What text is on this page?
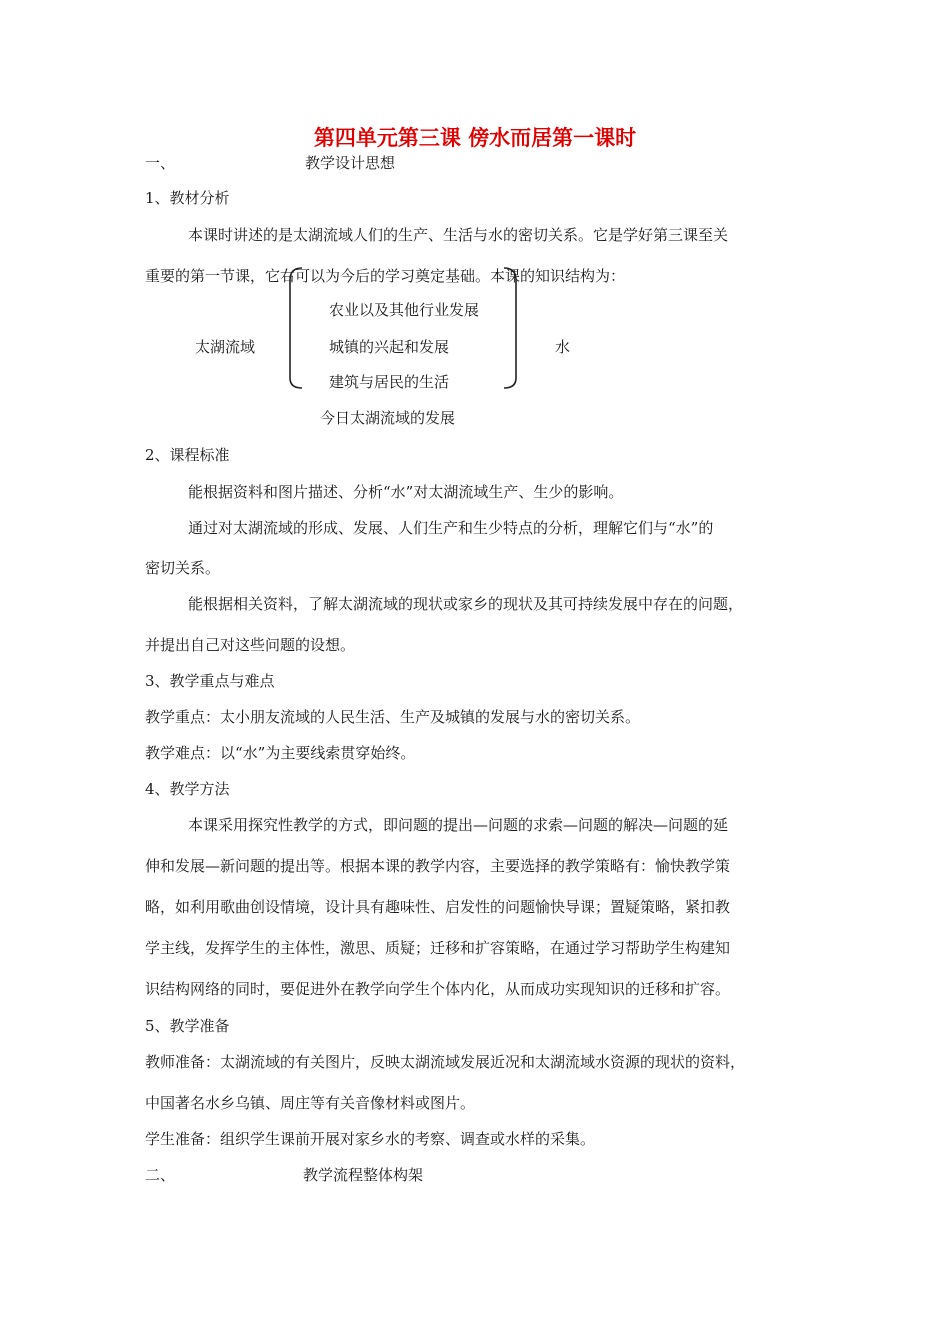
第四单元第三课 傍水而居第一课时
一、	教学设计思想
1、教材分析
本课时讲述的是太湖流域人们的生产、生活与水的密切关系。它是学好第三课至关
重要的第一节课，它右可以为今后的学习奠定基础。本课的知识结构为：
太湖流域
农业以及其他行业发展
城镇的兴起和发展
建筑与居民的生活
水
今日太湖流域的发展
2、课程标准
能根据资料和图片描述、分析“水”对太湖流域生产、生少的影响。
通过对太湖流域的形成、发展、人们生产和生少特点的分析，理解它们与“水”的
密切关系。
能根据相关资料，了解太湖流域的现状或家乡的现状及其可持续发展中存在的问题，
并提出自己对这些问题的设想。
3、教学重点与难点
教学重点：太小朋友流域的人民生活、生产及城镇的发展与水的密切关系。
教学难点：以“水”为主要线索贯穿始终。
4、教学方法
本课采用探究性教学的方式，即问题的提出—问题的求索—问题的解决—问题的延
伸和发展—新问题的提出等。根据本课的教学内容，主要选择的教学策略有：愉快教学策
略，如利用歌曲创设情境，设计具有趣味性、启发性的问题愉快导课；置疑策略，紧扣教
学主线，发挥学生的主体性，激思、质疑；迁移和扩容策略，在通过学习帮助学生构建知
识结构网络的同时，要促进外在教学向学生个体内化，从而成功实现知识的迁移和扩容。
5、教学准备
教师准备：太湖流域的有关图片，反映太湖流域发展近况和太湖流域水资源的现状的资料，
中国著名水乡乌镇、周庄等有关音像材料或图片。
学生准备：组织学生课前开展对家乡水的考察、调查或水样的采集。
二、	教学流程整体构架
